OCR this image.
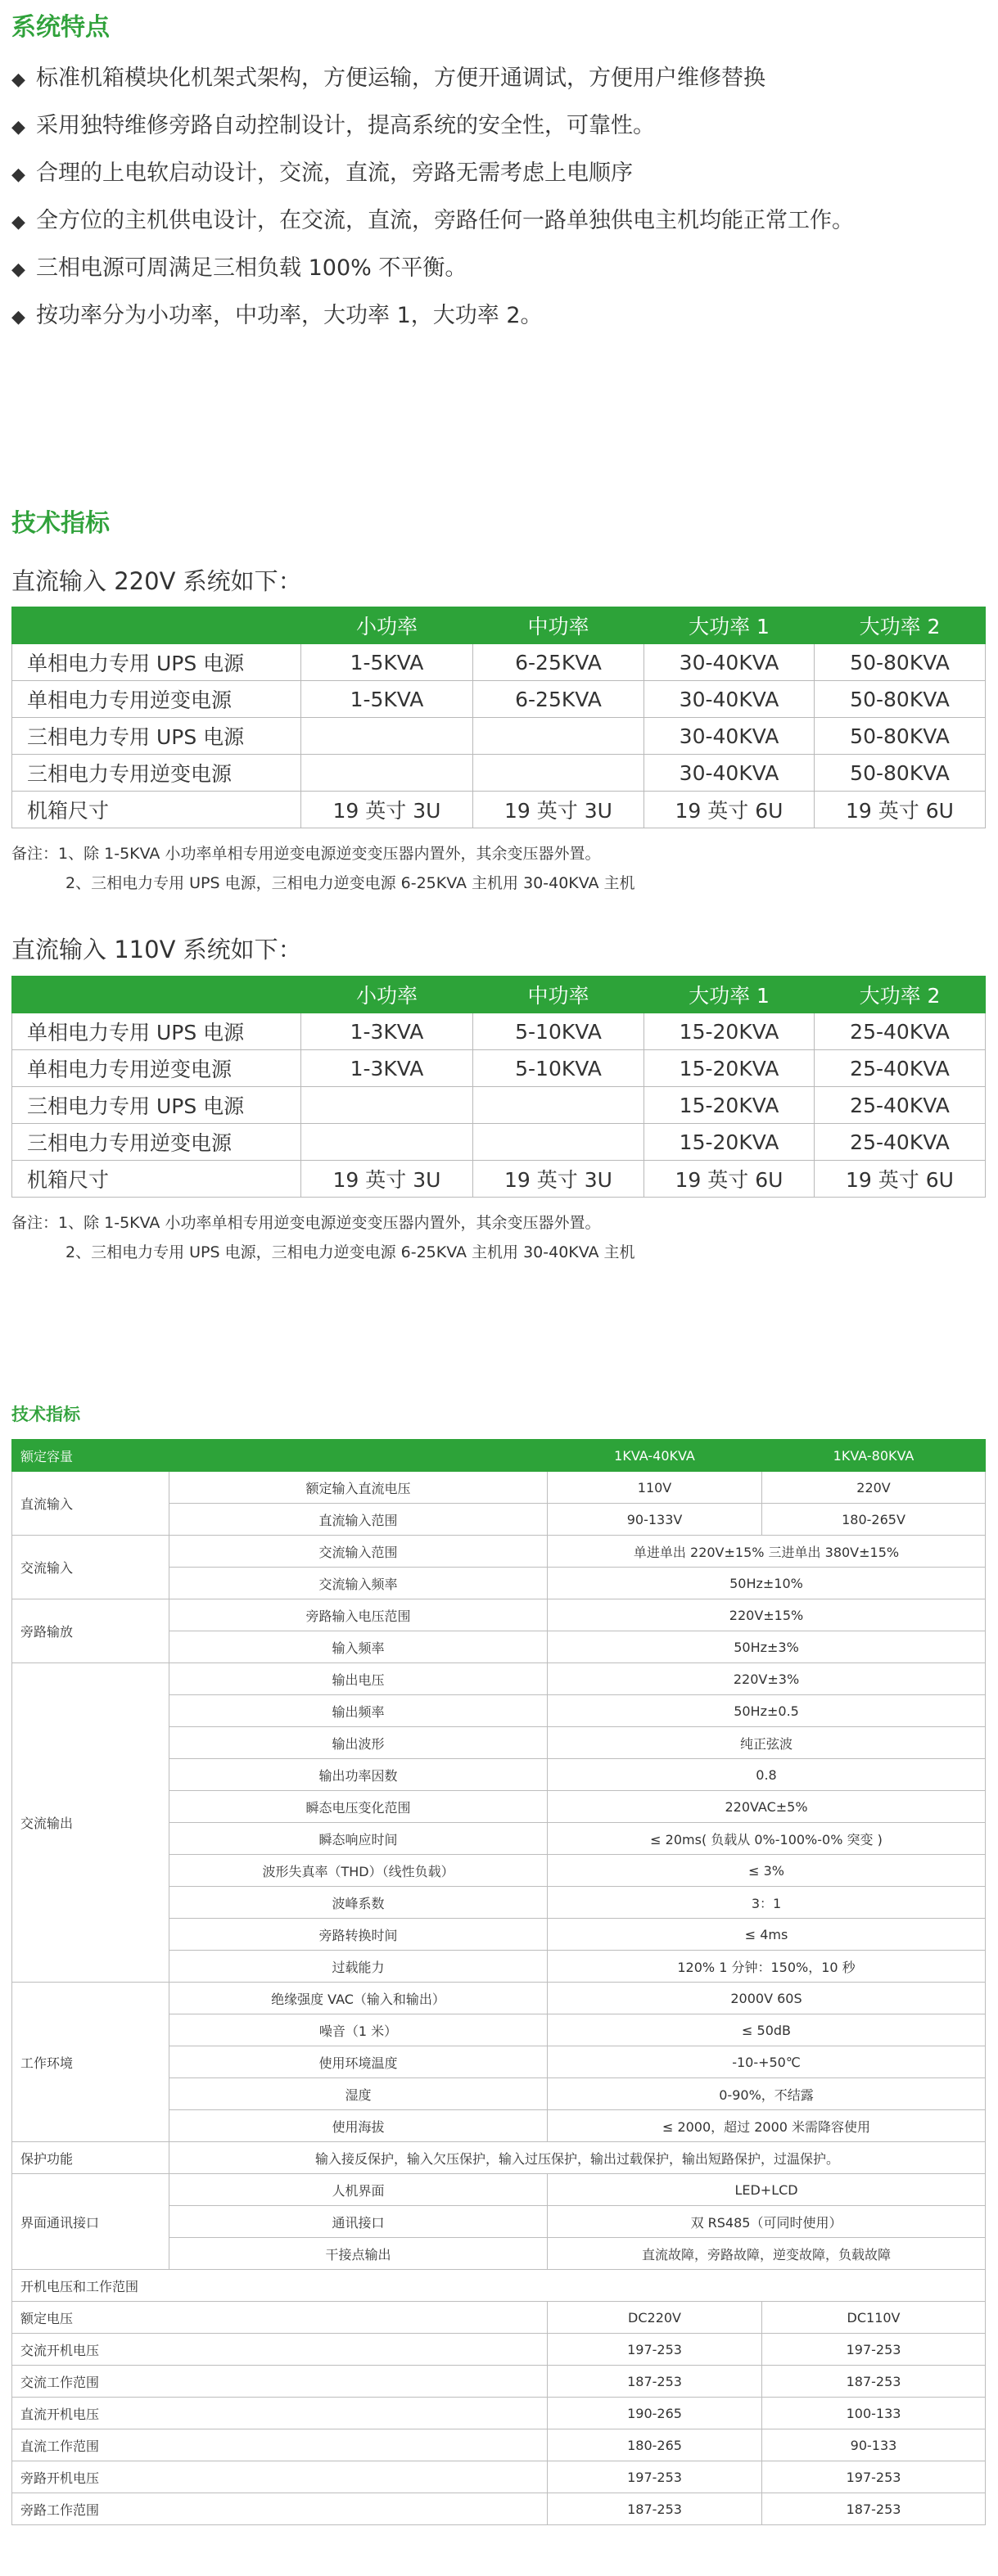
系统特点
◆ 标准机箱模块化机架式架构，方便运输，方便开通调试，方便用户维修替换
◆ 采用独特维修旁路自动控制设计，提高系统的安全性，可靠性。
◆ 合理的上电软启动设计，交流，直流，旁路无需考虑上电顺序
◆ 全方位的主机供电设计，在交流，直流，旁路任何一路单独供电主机均能正常工作。
◆ 三相电源可周满足三相负载 100% 不平衡。
◆ 按功率分为小功率，中功率，大功率 1，大功率 2。
技术指标
直流输入 220V 系统如下：
	小功率	中功率	大功率 1	大功率 2
单相电力专用 UPS 电源	1-5KVA	6-25KVA	30-40KVA	50-80KVA
单相电力专用逆变电源	1-5KVA	6-25KVA	30-40KVA	50-80KVA
三相电力专用 UPS 电源			30-40KVA	50-80KVA
三相电力专用逆变电源			30-40KVA	50-80KVA
机箱尺寸	19 英寸 3U	19 英寸 3U	19 英寸 6U	19 英寸 6U
备注：1、除 1-5KVA 小功率单相专用逆变电源逆变变压器内置外，其余变压器外置。
2、三相电力专用 UPS 电源，三相电力逆变电源 6-25KVA 主机用 30-40KVA 主机
直流输入 110V 系统如下：
	小功率	中功率	大功率 1	大功率 2
单相电力专用 UPS 电源	1-3KVA	5-10KVA	15-20KVA	25-40KVA
单相电力专用逆变电源	1-3KVA	5-10KVA	15-20KVA	25-40KVA
三相电力专用 UPS 电源			15-20KVA	25-40KVA
三相电力专用逆变电源			15-20KVA	25-40KVA
机箱尺寸	19 英寸 3U	19 英寸 3U	19 英寸 6U	19 英寸 6U
备注：1、除 1-5KVA 小功率单相专用逆变电源逆变变压器内置外，其余变压器外置。
2、三相电力专用 UPS 电源，三相电力逆变电源 6-25KVA 主机用 30-40KVA 主机
技术指标
额定容量		1KVA-40KVA	1KVA-80KVA
直流输入	额定输入直流电压	110V	220V
	直流输入范围	90-133V	180-265V
交流输入	交流输入范围	单进单出 220V±15% 三进单出 380V±15%	
	交流输入频率	50Hz±10%	
旁路输放	旁路输入电压范围	220V±15%	
	输入频率	50Hz±3%	
交流输出	输出电压	220V±3%	
	输出频率	50Hz±0.5	
	输出波形	纯正弦波	
	输出功率因数	0.8	
	瞬态电压变化范围	220VAC±5%	
	瞬态响应时间	≤ 20ms( 负载从 0%-100%-0% 突变 )	
	波形失真率（THD）（线性负载）	≤ 3%	
	波峰系数	3：1	
	旁路转换时间	≤ 4ms	
	过载能力	120% 1 分钟：150%，10 秒	
工作环境	绝缘强度 VAC（输入和输出）	2000V 60S	
	噪音（1 米）	≤ 50dB	
	使用环境温度	-10-+50℃	
	湿度	0-90%，不结露	
	使用海拔	≤ 2000，超过 2000 米需降容使用	
保护功能	输入接反保护，输入欠压保护，输入过压保护，输出过载保护，输出短路保护，过温保护。		
界面通讯接口	人机界面	LED+LCD	
	通讯接口	双 RS485（可同时使用）	
	干接点输出	直流故障，旁路故障，逆变故障，负载故障	
开机电压和工作范围			
额定电压		DC220V	DC110V
交流开机电压		197-253	197-253
交流工作范围		187-253	187-253
直流开机电压		190-265	100-133
直流工作范围		180-265	90-133
旁路开机电压		197-253	197-253
旁路工作范围		187-253	187-253
